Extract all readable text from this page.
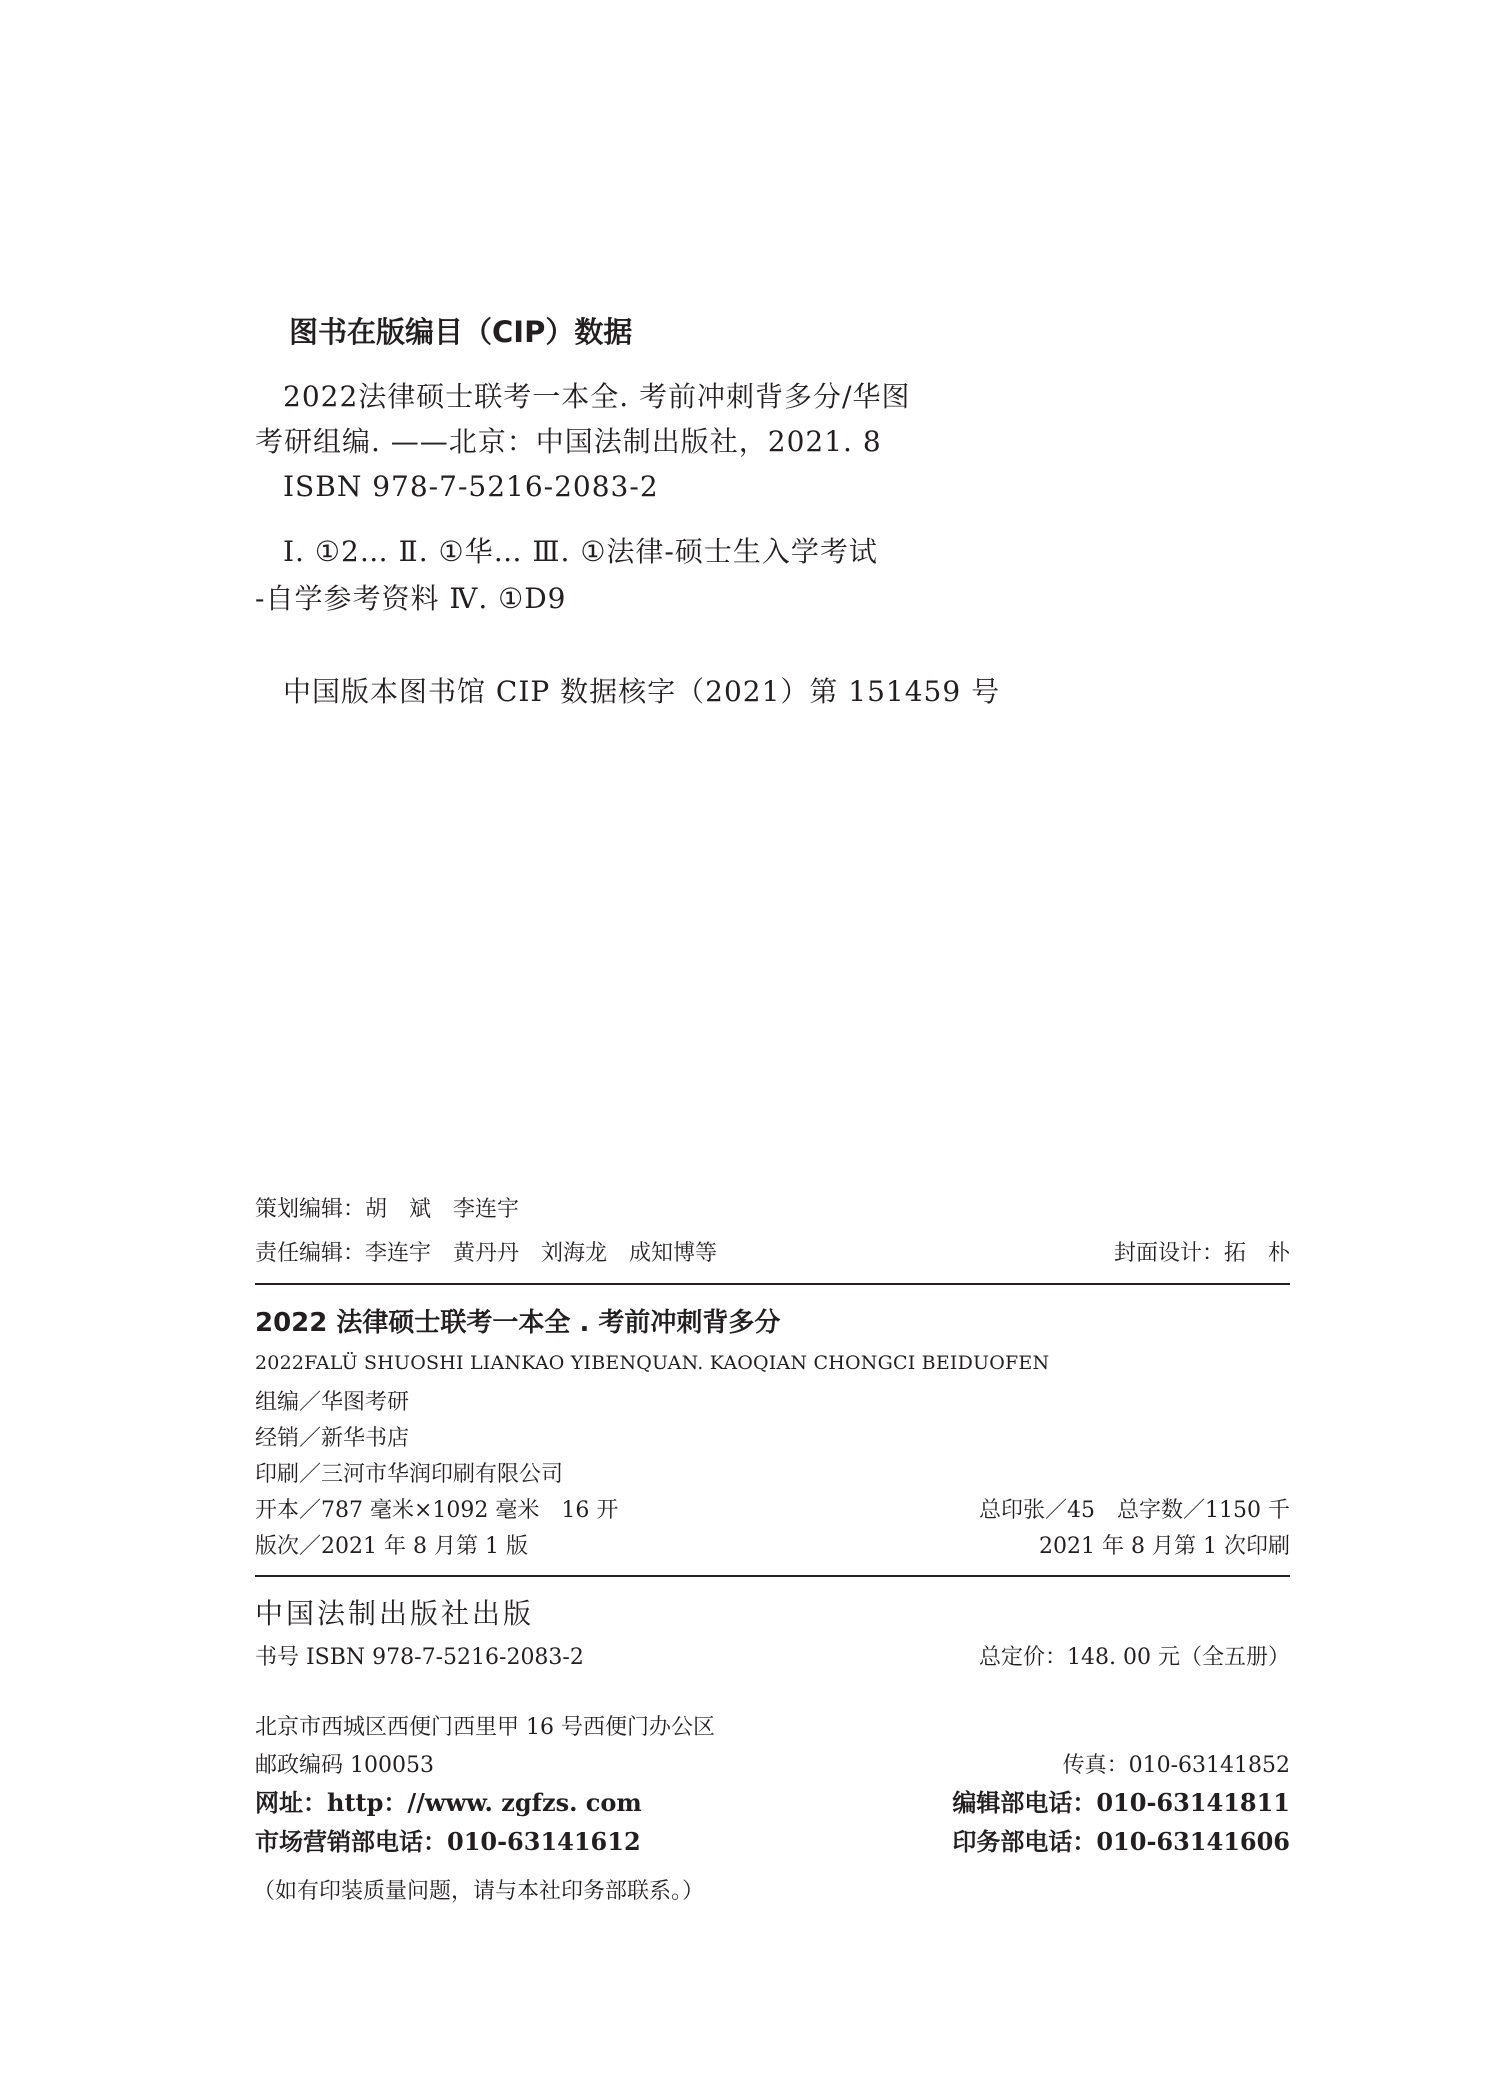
图书在版编目（CIP）数据
2022法律硕士联考一本全. 考前冲刺背多分/华图
考研组编. ——北京：中国法制出版社，2021. 8
ISBN 978-7-5216-2083-2
Ⅰ. ①2… Ⅱ. ①华… Ⅲ. ①法律-硕士生入学考试
-自学参考资料 Ⅳ. ①D9
中国版本图书馆 CIP 数据核字（2021）第 151459 号
策划编辑：胡　斌　李连宇
责任编辑：李连宇　黄丹丹　刘海龙　成知博等	封面设计：拓　朴
2022 法律硕士联考一本全 . 考前冲刺背多分
2022FALÜ SHUOSHI LIANKAO YIBENQUAN. KAOQIAN CHONGCI BEIDUOFEN
组编／华图考研
经销／新华书店
印刷／三河市华润印刷有限公司
开本／787 毫米×1092 毫米　16 开	总印张／45　总字数／1150 千
版次／2021 年 8 月第 1 版	2021 年 8 月第 1 次印刷
中国法制出版社出版
书号 ISBN 978-7-5216-2083-2	总定价：148. 00 元（全五册）
北京市西城区西便门西里甲 16 号西便门办公区
邮政编码 100053	传真：010-63141852
网址：http：//www. zgfzs. com	编辑部电话：010-63141811
市场营销部电话：010-63141612	印务部电话：010-63141606
（如有印装质量问题，请与本社印务部联系。）
